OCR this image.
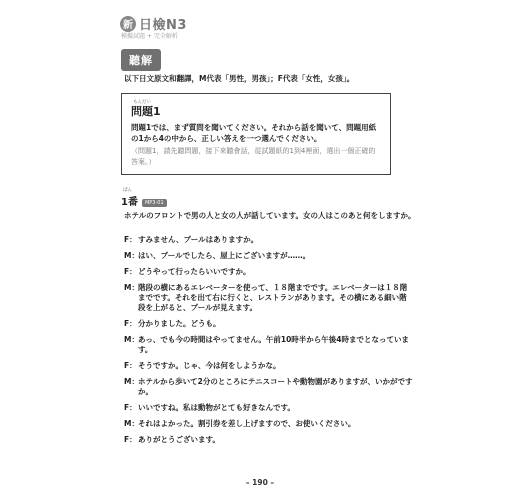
新 日檢N3
模擬試題 + 完全解析
聽解
以下日文原文和翻譯，M代表「男性，男孩」；F代表「女性，女孩」。
もんだい
問題1
問題1では、まず質問を聞いてください。それから話を聞いて、問題用紙の1から4の中から、正しい答えを一つ選んでください。
（問題1，請先聽問題，接下來聽會話，從試題紙的1到4裡面，選出一個正確的答案。）
ばん
1番	MP3-01
ホテルのフロントで男の人と女の人が話しています。女の人はこのあと何をしますか。
F： すみません、プールはありますか。
M： はい、プールでしたら、屋上にございますが……。
F： どうやって行ったらいいですか。
M： 階段の横にあるエレベーターを使って、１８階までです。エレベーターは１８階までです。それを出て右に行くと、レストランがあります。その横にある細い階段を上がると、プールが見えます。
F： 分かりました。どうも。
M： あっ、でも今の時間はやってません。午前10時半から午後4時までとなっています。
F： そうですか。じゃ、今は何をしようかな。
M： ホテルから歩いて2分のところにテニスコートや動物園がありますが、いかがですか。
F： いいですね。私は動物がとても好きなんです。
M： それはよかった。割引券を差し上げますので、お使いください。
F： ありがとうございます。
– 190 –
